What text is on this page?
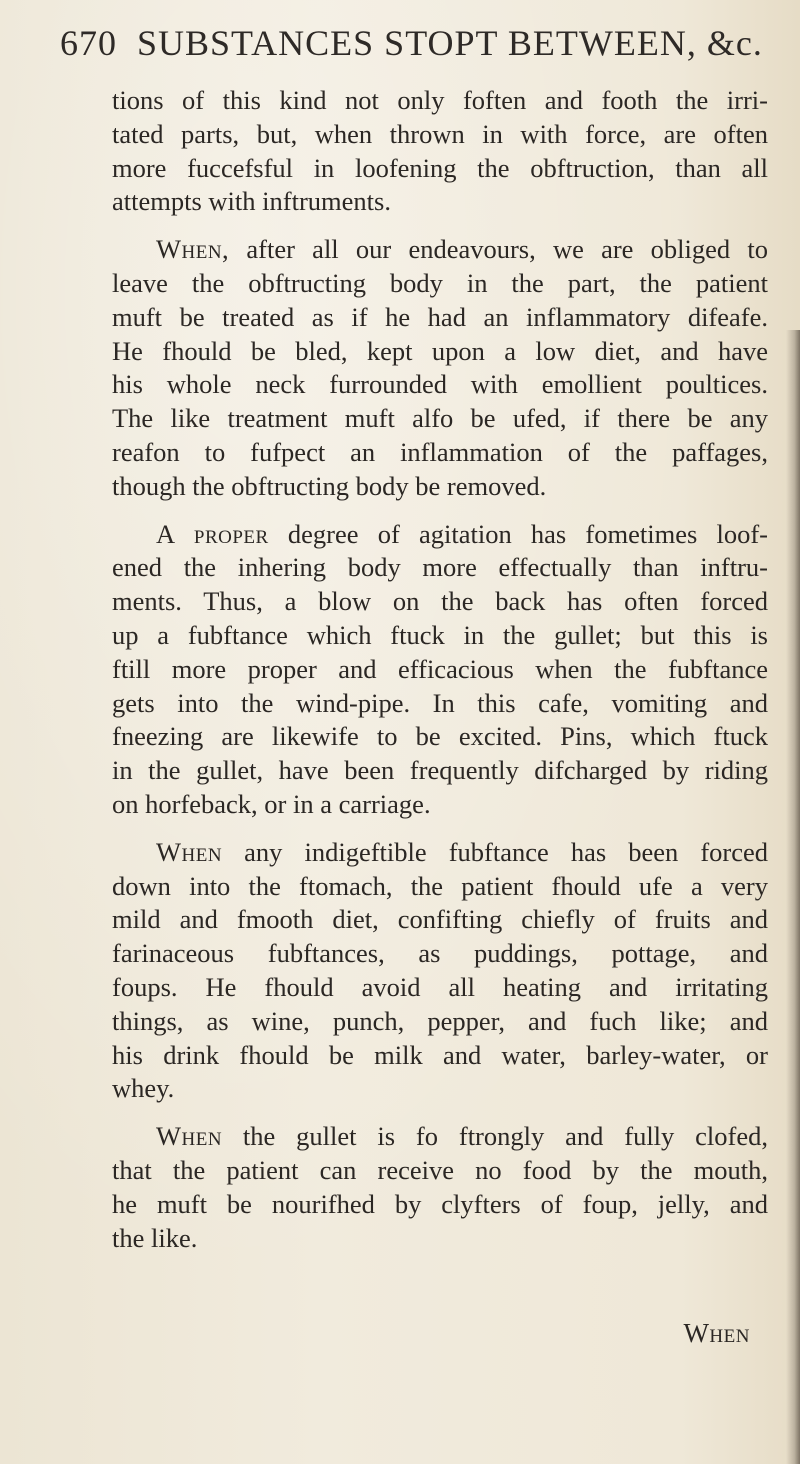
670 SUBSTANCES STOPT BETWEEN, &c.
tions of this kind not only foften and footh the irri-
tated parts, but, when thrown in with force, are often
more fuccefsful in loofening the obftruction, than all
attempts with inftruments.
When, after all our endeavours, we are obliged to
leave the obftructing body in the part, the patient
muft be treated as if he had an inflammatory difeafe.
He fhould be bled, kept upon a low diet, and have
his whole neck furrounded with emollient poultices.
The like treatment muft alfo be ufed, if there be any
reafon to fufpect an inflammation of the paffages,
though the obftructing body be removed.
A proper degree of agitation has fometimes loof-
ened the inhering body more effectually than inftru-
ments. Thus, a blow on the back has often forced
up a fubftance which ftuck in the gullet; but this is
ftill more proper and efficacious when the fubftance
gets into the wind-pipe. In this cafe, vomiting and
fneezing are likewife to be excited. Pins, which ftuck
in the gullet, have been frequently difcharged by riding
on horfeback, or in a carriage.
When any indigeftible fubftance has been forced
down into the ftomach, the patient fhould ufe a very
mild and fmooth diet, confifting chiefly of fruits and
farinaceous fubftances, as puddings, pottage, and
foups. He fhould avoid all heating and irritating
things, as wine, punch, pepper, and fuch like; and
his drink fhould be milk and water, barley-water, or
whey.
When the gullet is fo ftrongly and fully clofed,
that the patient can receive no food by the mouth,
he muft be nourifhed by clyfters of foup, jelly, and
the like.
When
